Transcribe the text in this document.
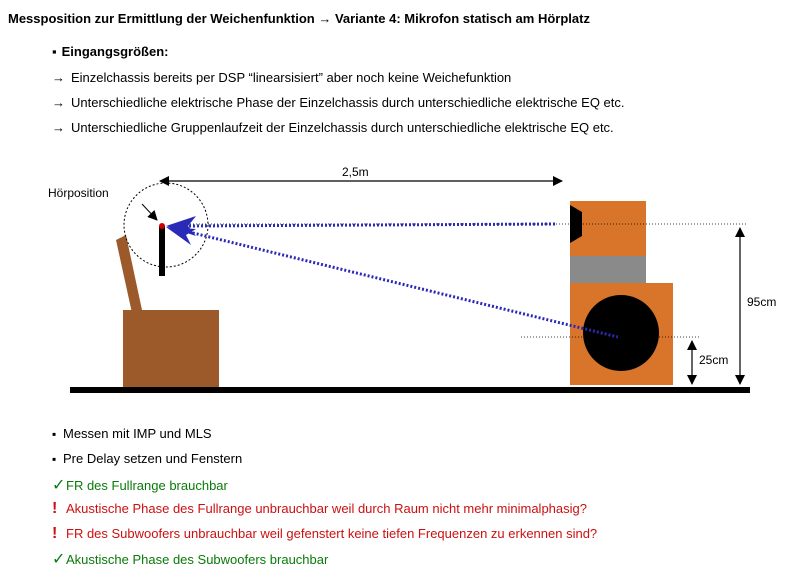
Messposition zur Ermittlung der Weichenfunktion → Variante 4: Mikrofon statisch am Hörplatz
▪ Eingangsgrößen:
→ Einzelchassis bereits per DSP “linearsisiert” aber noch keine Weichefunktion
→ Unterschiedliche elektrische Phase der Einzelchassis durch unterschiedliche elektrische EQ etc.
→ Unterschiedliche Gruppenlaufzeit der Einzelchassis durch unterschiedliche elektrische EQ etc.
Hörposition
2,5m
95cm
25cm
▪ Messen mit IMP und MLS
▪ Pre Delay setzen und Fenstern
✓FR des Fullrange brauchbar
! Akustische Phase des Fullrange unbrauchbar weil durch Raum nicht mehr minimalphasig?
! FR des Subwoofers unbrauchbar weil gefenstert keine tiefen Frequenzen zu erkennen sind?
✓Akustische Phase des Subwoofers brauchbar
